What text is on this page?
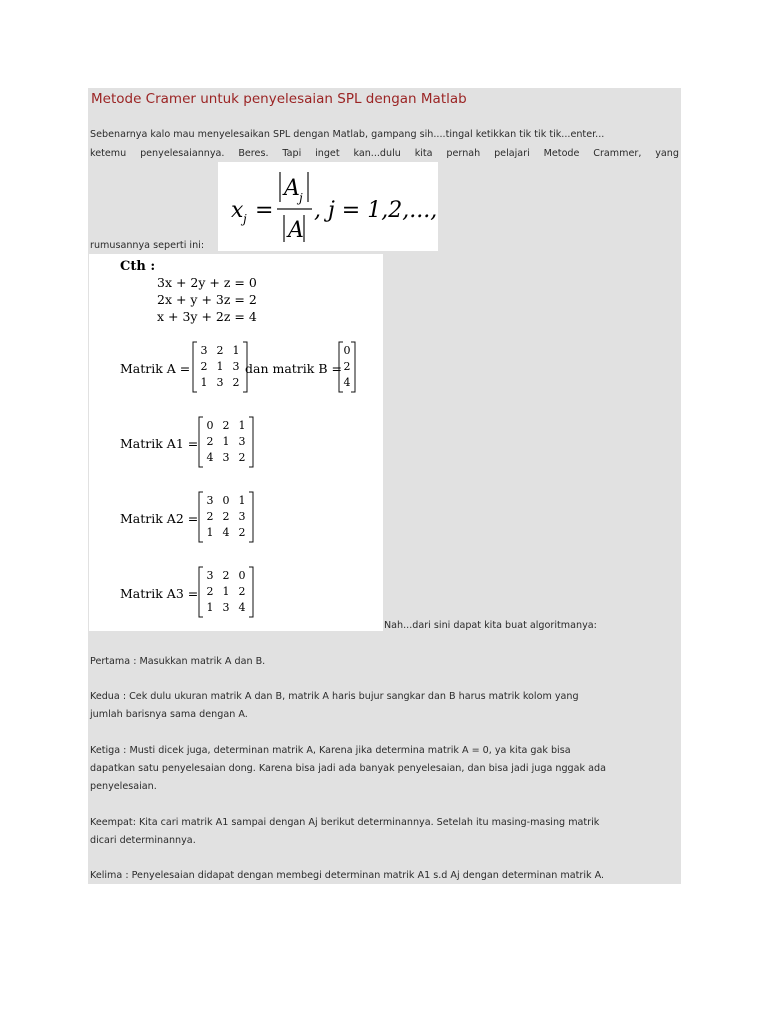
Metode Cramer untuk penyelesaian SPL dengan Matlab
Sebenarnya kalo mau menyelesaikan SPL dengan Matlab, gampang sih....tingal ketikkan tik tik tik...enter...
ketemu penyelesaiannya. Beres. Tapi inget kan...dulu kita pernah pelajari Metode Crammer, yang
x j =
A j
A
, j = 1,2,...,n
rumusannya seperti ini:
Cth :
3x + 2y + z = 0
2x + y + 3z = 2
x + 3y + 2z = 4
Matrik A =
3 2 1
2 1 3
1 3 2
dan matrik B =
0
2
4
Matrik A1 =
0 2 1
2 1 3
4 3 2
Matrik A2 =
3 0 1
2 2 3
1 4 2
Matrik A3 =
3 2 0
2 1 2
1 3 4
Nah...dari sini dapat kita buat algoritmanya:
Pertama : Masukkan matrik A dan B.
Kedua : Cek dulu ukuran matrik A dan B, matrik A haris bujur sangkar dan B harus matrik kolom yang
jumlah barisnya sama dengan A.
Ketiga : Musti dicek juga, determinan matrik A, Karena jika determina matrik A = 0, ya kita gak bisa
dapatkan satu penyelesaian dong. Karena bisa jadi ada banyak penyelesaian, dan bisa jadi juga nggak ada
penyelesaian.
Keempat: Kita cari matrik A1 sampai dengan Aj berikut determinannya. Setelah itu masing-masing matrik
dicari determinannya.
Kelima : Penyelesaian didapat dengan membegi determinan matrik A1 s.d Aj dengan determinan matrik A.
